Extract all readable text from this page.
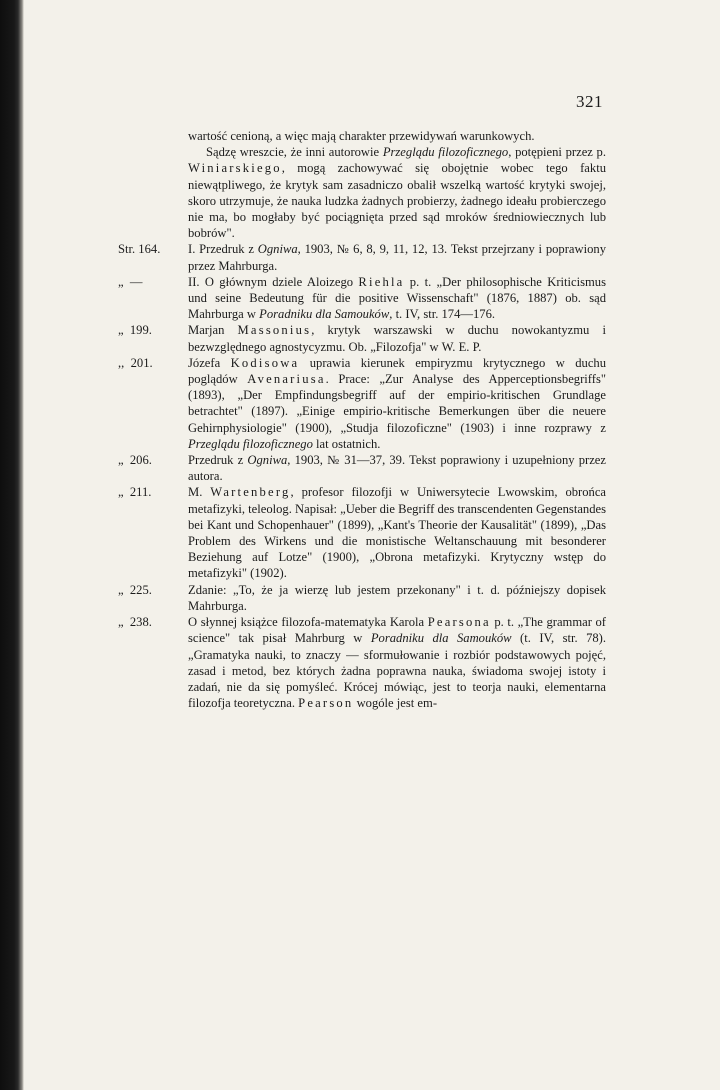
321
wartość cenioną, a więc mają charakter przewidywań warunkowych.
Sądzę wreszcie, że inni autorowie Przeglądu filozoficznego, potępieni przez p. Winiarskiego, mogą zachowywać się obojętnie wobec tego faktu niewątpliwego, że krytyk sam zasadniczo obalił wszelką wartość krytyki swojej, skoro utrzymuje, że nauka ludzka żadnych probierzy, żadnego ideału probierczego nie ma, bo mogłaby być pociągnięta przed sąd mroków średniowiecznych lub bobrów".
Str. 164.	I. Przedruk z Ogniwa, 1903, № 6, 8, 9, 11, 12, 13. Tekst przejrzany i poprawiony przez Mahrburga.
„  —	II. O głównym dziele Aloizego Riehla p. t. „Der philosophische Kriticismus und seine Bedeutung für die positive Wissenschaft" (1876, 1887) ob. sąd Mahrburga w Poradniku dla Samouków, t. IV, str. 174—176.
„  199.	Marjan Massonius, krytyk warszawski w duchu nowokantyzmu i bezwzględnego agnostycyzmu. Ob. „Filozofja" w W. E. P.
,,  201.	Józefa Kodisowa uprawia kierunek empiryzmu krytycznego w duchu poglądów Avenariusa. Prace: „Zur Analyse des Apperceptionsbegriffs" (1893), „Der Empfindungsbegriff auf der empirio-kritischen Grundlage betrachtet" (1897). „Einige empirio-kritische Bemerkungen über die neuere Gehirnphysiologie" (1900), „Studja filozoficzne" (1903) i inne rozprawy z Przeglądu filozoficznego lat ostatnich.
„  206.	Przedruk z Ogniwa, 1903, № 31—37, 39. Tekst poprawiony i uzupełniony przez autora.
„  211.	M. Wartenberg, profesor filozofji w Uniwersytecie Lwowskim, obrońca metafizyki, teleolog. Napisał: „Ueber die Begriff des transcendenten Gegenstandes bei Kant und Schopenhauer" (1899), „Kant's Theorie der Kausalität" (1899), „Das Problem des Wirkens und die monistische Weltanschauung mit besonderer Beziehung auf Lotze" (1900), „Obrona metafizyki. Krytyczny wstęp do metafizyki" (1902).
„  225.	Zdanie: „To, że ja wierzę lub jestem przekonany" i t. d. późniejszy dopisek Mahrburga.
„  238.	O słynnej książce filozofa-matematyka Karola Pearsona p. t. „The grammar of science" tak pisał Mahrburg w Poradniku dla Samouków (t. IV, str. 78). „Gramatyka nauki, to znaczy — sformułowanie i rozbiór podstawowych pojęć, zasad i metod, bez których żadna poprawna nauka, świadoma swojej istoty i zadań, nie da się pomyśleć. Krócej mówiąc, jest to teorja nauki, elementarna filozofja teoretyczna. Pearson wogóle jest em-
